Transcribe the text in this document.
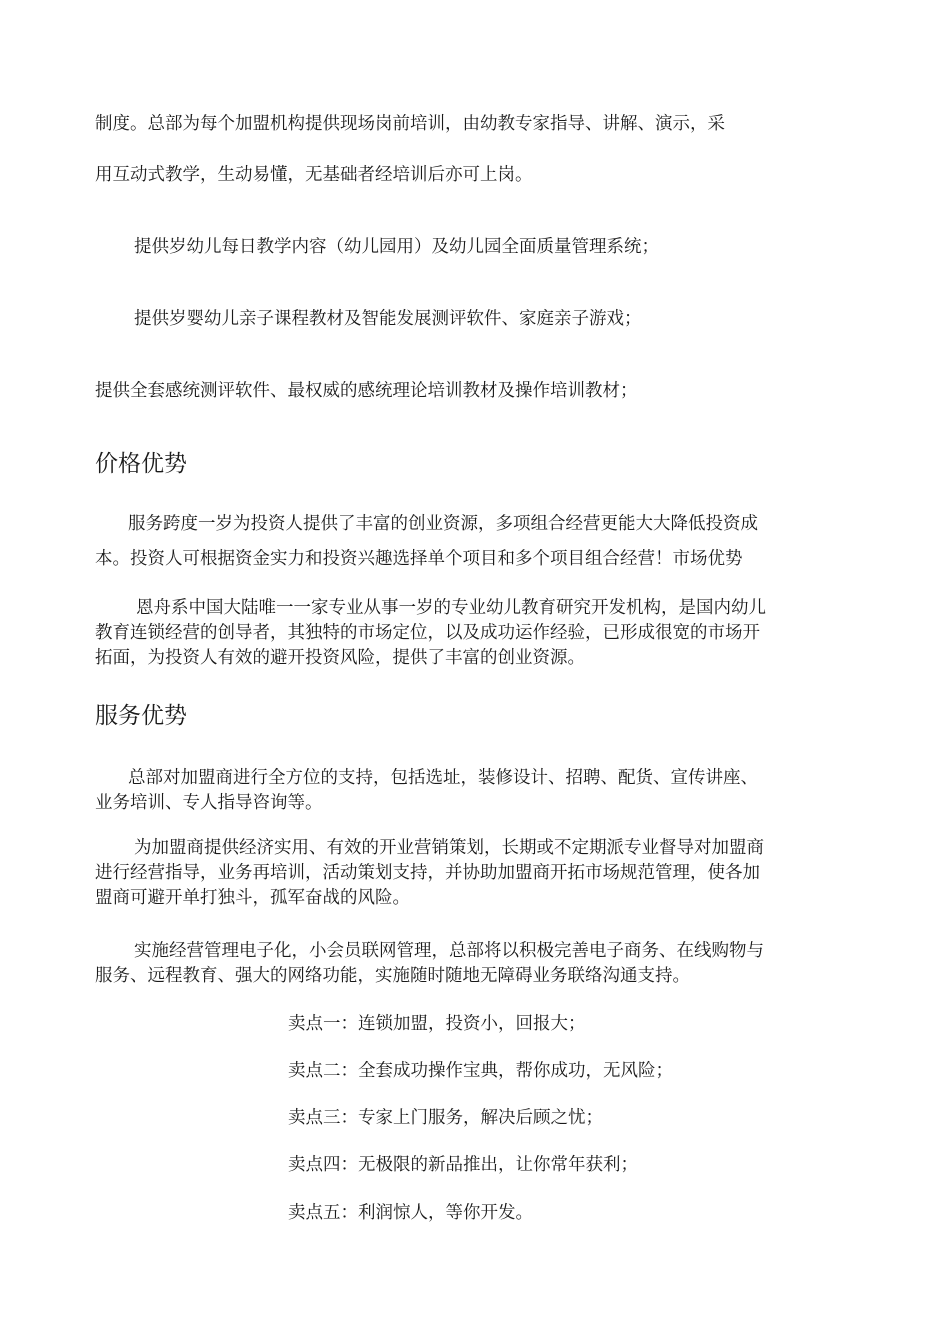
制度。总部为每个加盟机构提供现场岗前培训，由幼教专家指导、讲解、演示，采

用互动式教学，生动易懂，无基础者经培训后亦可上岗。

提供岁幼儿每日教学内容（幼儿园用）及幼儿园全面质量管理系统；

提供岁婴幼儿亲子课程教材及智能发展测评软件、家庭亲子游戏；

提供全套感统测评软件、最权威的感统理论培训教材及操作培训教材；

价格优势

服务跨度一岁为投资人提供了丰富的创业资源，多项组合经营更能大大降低投资成

本。投资人可根据资金实力和投资兴趣选择单个项目和多个项目组合经营！市场优势

恩舟系中国大陆唯一一家专业从事一岁的专业幼儿教育研究开发机构，是国内幼儿

教育连锁经营的创导者，其独特的市场定位，以及成功运作经验，已形成很宽的市场开

拓面，为投资人有效的避开投资风险，提供了丰富的创业资源。

服务优势

总部对加盟商进行全方位的支持，包括选址，装修设计、招聘、配货、宣传讲座、

业务培训、专人指导咨询等。

为加盟商提供经济实用、有效的开业营销策划，长期或不定期派专业督导对加盟商

进行经营指导，业务再培训，活动策划支持，并协助加盟商开拓市场规范管理，使各加

盟商可避开单打独斗，孤军奋战的风险。

实施经营管理电子化，小会员联网管理，总部将以积极完善电子商务、在线购物与

服务、远程教育、强大的网络功能，实施随时随地无障碍业务联络沟通支持。

卖点一：连锁加盟，投资小，回报大；

卖点二：全套成功操作宝典，帮你成功，无风险；

卖点三：专家上门服务，解决后顾之忧；

卖点四：无极限的新品推出，让你常年获利；

卖点五：利润惊人，等你开发。
